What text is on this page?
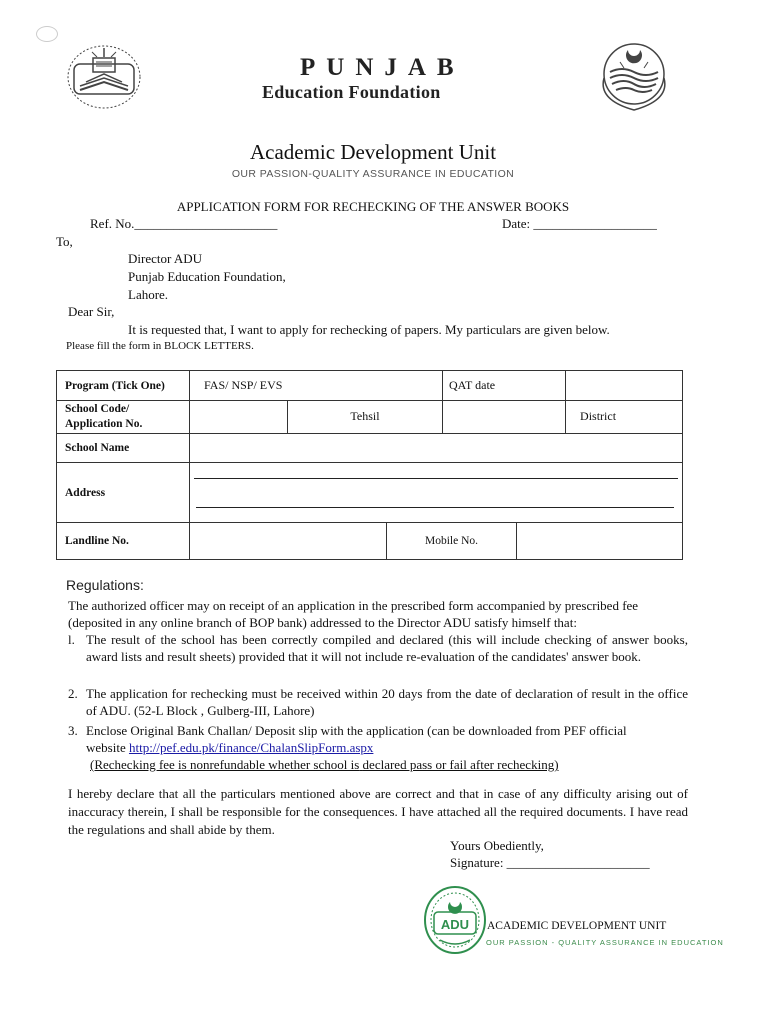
PUNJAB
Education Foundation
Academic Development Unit
OUR PASSION-QUALITY ASSURANCE IN EDUCATION
APPLICATION FORM FOR RECHECKING OF THE ANSWER BOOKS
Ref. No.______________________	Date: ___________________
To,
Director ADU
Punjab Education Foundation,
Lahore.
Dear Sir,
It is requested that, I want to apply for rechecking of papers. My particulars are given below.
Please fill the form in BLOCK LETTERS.
Program (Tick One)	FAS/ NSP/ EVS			QAT date		
School Code/
Application No.		Tehsil				District
School Name						
Address						

Landline No.			Mobile No.			
Regulations:
The authorized officer may on receipt of an application in the prescribed form accompanied by prescribed fee
(deposited in any online branch of BOP bank) addressed to the Director ADU satisfy himself that:
l. The result of the school has been correctly compiled and declared (this will include checking of answer books, award lists and result sheets) provided that it will not include re-evaluation of the candidates' answer book.
2. The application for rechecking must be received within 20 days from the date of declaration of result in the office of ADU. (52-L Block , Gulberg-III, Lahore)
3. Enclose Original Bank Challan/ Deposit slip with the application (can be downloaded from PEF official
website http://pef.edu.pk/finance/ChalanSlipForm.aspx
(Rechecking fee is nonrefundable whether school is declared pass or fail after rechecking)
I hereby declare that all the particulars mentioned above are correct and that in case of any difficulty arising out of inaccuracy therein, I shall be responsible for the consequences. I have attached all the required documents. I have read the regulations and shall abide by them.
Yours Obediently,
Signature: ______________________
ADU ACADEMIC DEVELOPMENT UNIT
OUR PASSION - QUALITY ASSURANCE IN EDUCATION
